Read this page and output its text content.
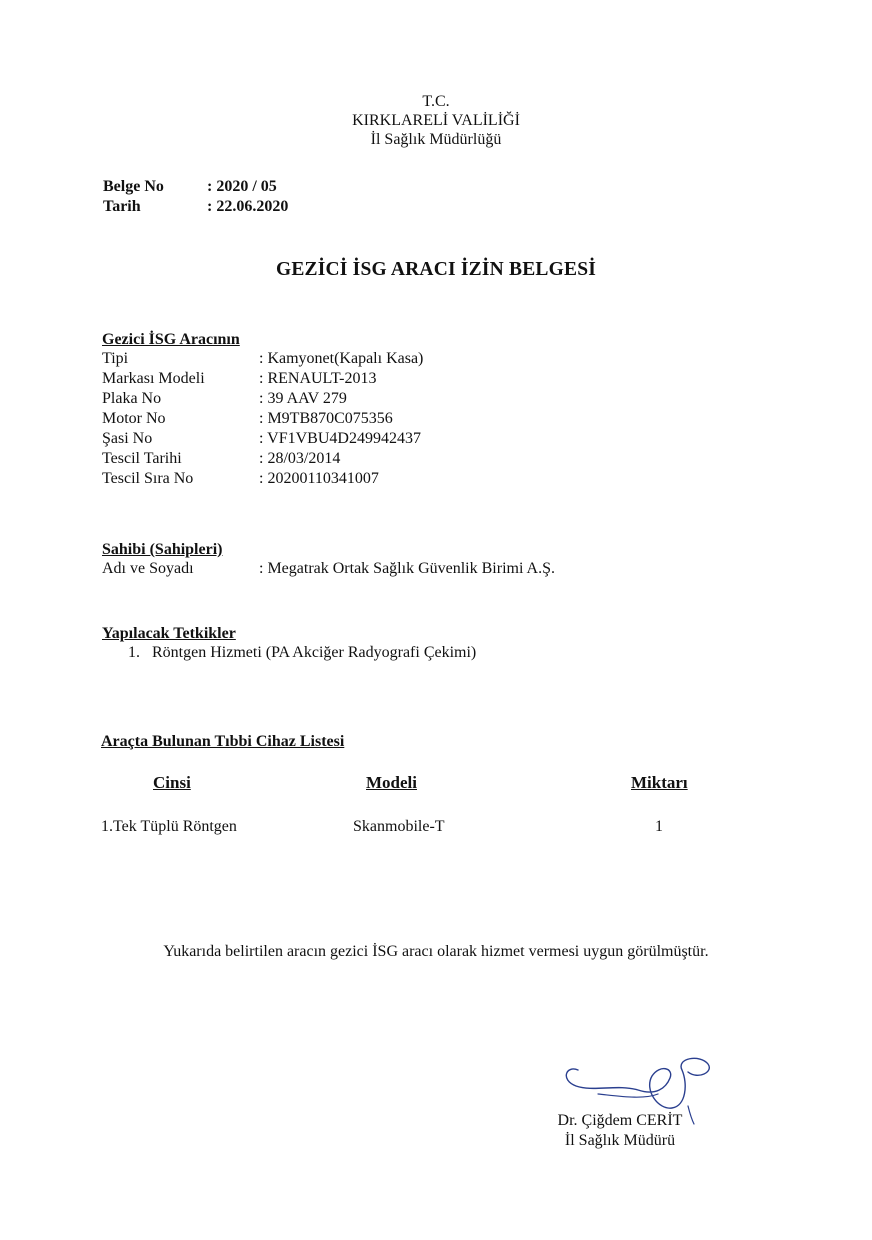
T.C.
KIRKLARELİ VALİLİĞİ
İl Sağlık Müdürlüğü
Belge No	: 2020 / 05
Tarih	: 22.06.2020
GEZİCİ İSG ARACI İZİN BELGESİ
Gezici İSG Aracının
Tipi	: Kamyonet(Kapalı Kasa)
Markası Modeli	: RENAULT-2013
Plaka No	: 39 AAV 279
Motor No	: M9TB870C075356
Şasi No	: VF1VBU4D249942437
Tescil Tarihi	: 28/03/2014
Tescil Sıra No	: 20200110341007
Sahibi (Sahipleri)
Adı ve Soyadı	: Megatrak Ortak Sağlık Güvenlik Birimi A.Ş.
Yapılacak Tetkikler
1.   Röntgen Hizmeti (PA Akciğer Radyografi Çekimi)
Araçta Bulunan Tıbbi Cihaz Listesi
Cinsi	Modeli	Miktarı
1.Tek Tüplü Röntgen	Skanmobile-T	1
Yukarıda belirtilen aracın gezici İSG aracı olarak hizmet vermesi uygun görülmüştür.
Dr. Çiğdem CERİT
İl Sağlık Müdürü
